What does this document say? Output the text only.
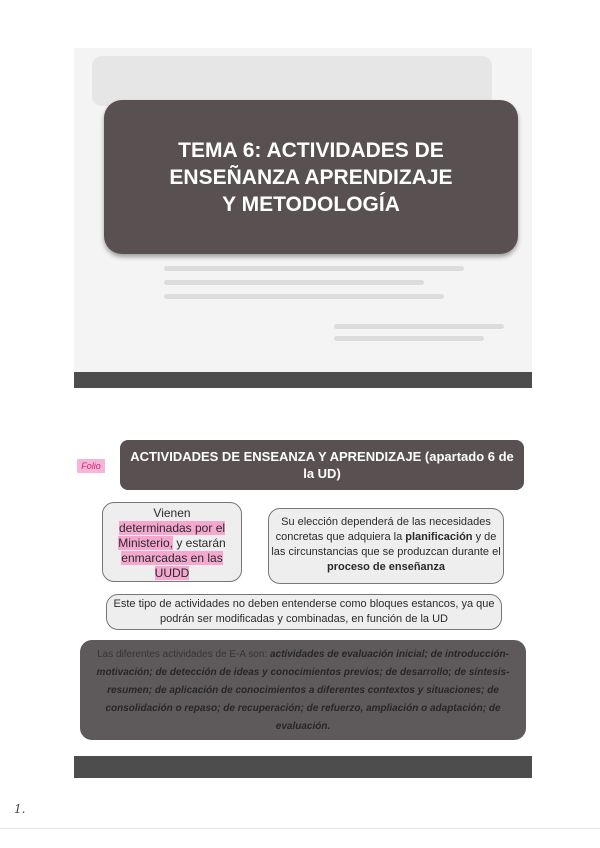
TEMA 6: ACTIVIDADES DE ENSEÑANZA APRENDIZAJE Y METODOLOGÍA
Folio
ACTIVIDADES DE ENSEANZA Y APRENDIZAJE (apartado 6 de la UD)
Vienen
determinadas por el Ministerio, y estarán
enmarcadas en las UUDD
Su elección dependerá de las necesidades concretas que adquiera la planificación y de las circunstancias que se produzcan durante el proceso de enseñanza
Este tipo de actividades no deben entenderse como bloques estancos, ya que podrán ser modificadas y combinadas, en función de la UD
Las diferentes actividades de E-A son: actividades de evaluación inicial; de introducción-motivación; de detección de ideas y conocimientos previos; de desarrollo; de síntesis-resumen; de aplicación de conocimientos a diferentes contextos y situaciones; de consolidación o repaso; de recuperación; de refuerzo, ampliación o adaptación; de evaluación.
1.
